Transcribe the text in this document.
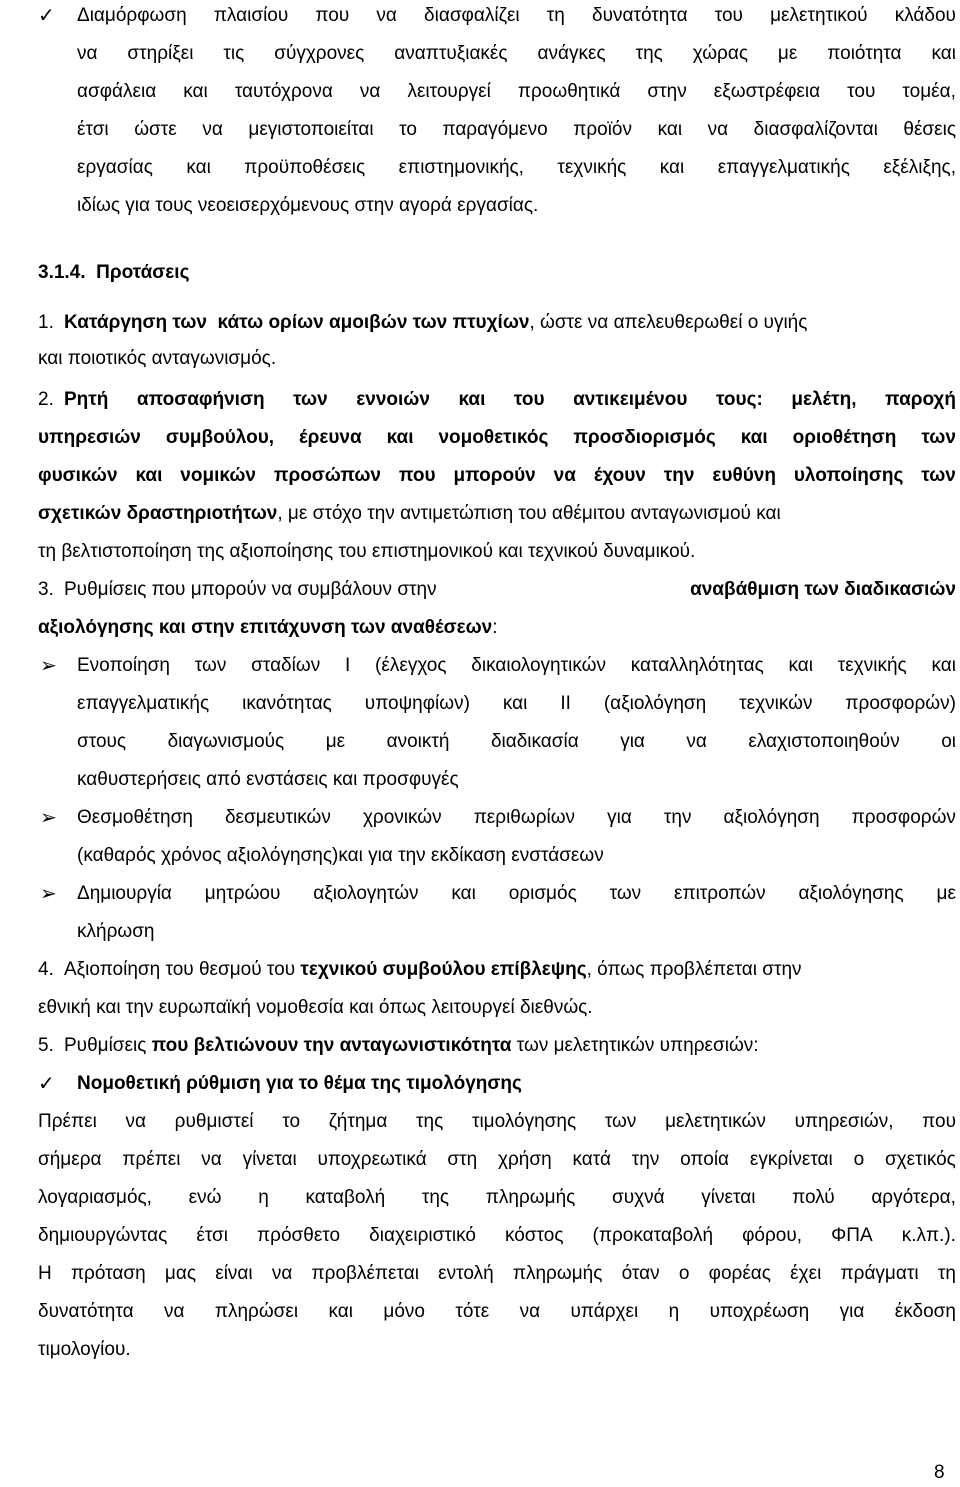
✓ Διαμόρφωση πλαισίου που να διασφαλίζει τη δυνατότητα του μελετητικού κλάδου
να στηρίξει τις σύγχρονες αναπτυξιακές ανάγκες της χώρας με ποιότητα και
ασφάλεια και ταυτόχρονα να λειτουργεί προωθητικά στην εξωστρέφεια του τομέα,
έτσι ώστε να μεγιστοποιείται το παραγόμενο προϊόν και να διασφαλίζονται θέσεις
εργασίας και προϋποθέσεις επιστημονικής, τεχνικής και επαγγελματικής εξέλιξης,
ιδίως για τους νεοεισερχόμενους στην αγορά εργασίας.
3.1.4. Προτάσεις
1. Κατάργηση των  κάτω ορίων αμοιβών των πτυχίων, ώστε να απελευθερωθεί ο υγιής
και ποιοτικός ανταγωνισμός.
2. Ρητή αποσαφήνιση των εννοιών και του αντικειμένου τους: μελέτη, παροχή
υπηρεσιών συμβούλου, έρευνα και νομοθετικός προσδιορισμός και οριοθέτηση των
φυσικών και νομικών προσώπων που μπορούν να έχουν την ευθύνη υλοποίησης των
σχετικών δραστηριοτήτων, με στόχο την αντιμετώπιση του αθέμιτου ανταγωνισμού και
τη βελτιστοποίηση της αξιοποίησης του επιστημονικού και τεχνικού δυναμικού.
3. Ρυθμίσεις που μπορούν να συμβάλουν στην	αναβάθμιση των διαδικασιών
αξιολόγησης και στην επιτάχυνση των αναθέσεων:
➢ Ενοποίηση των σταδίων Ι (έλεγχος δικαιολογητικών καταλληλότητας και τεχνικής και
επαγγελματικής ικανότητας υποψηφίων) και ΙΙ (αξιολόγηση τεχνικών προσφορών)
στους διαγωνισμούς με ανοικτή διαδικασία για να ελαχιστοποιηθούν οι
καθυστερήσεις από ενστάσεις και προσφυγές
➢ Θεσμοθέτηση δεσμευτικών χρονικών περιθωρίων για την αξιολόγηση προσφορών
(καθαρός χρόνος αξιολόγησης)και για την εκδίκαση ενστάσεων
➢ Δημιουργία μητρώου αξιολογητών και ορισμός των επιτροπών αξιολόγησης με
κλήρωση
4. Αξιοποίηση του θεσμού του τεχνικού συμβούλου επίβλεψης, όπως προβλέπεται στην
εθνική και την ευρωπαϊκή νομοθεσία και όπως λειτουργεί διεθνώς.
5. Ρυθμίσεις που βελτιώνουν την ανταγωνιστικότητα των μελετητικών υπηρεσιών:
✓ Νομοθετική ρύθμιση για το θέμα της τιμολόγησης
Πρέπει να ρυθμιστεί το ζήτημα της τιμολόγησης των μελετητικών υπηρεσιών, που
σήμερα πρέπει να γίνεται υποχρεωτικά στη χρήση κατά την οποία εγκρίνεται ο σχετικός
λογαριασμός, ενώ η καταβολή της πληρωμής συχνά γίνεται πολύ αργότερα,
δημιουργώντας έτσι πρόσθετο διαχειριστικό κόστος (προκαταβολή φόρου, ΦΠΑ κ.λπ.).
Η πρόταση μας είναι να προβλέπεται εντολή πληρωμής όταν ο φορέας έχει πράγματι τη
δυνατότητα να πληρώσει και μόνο τότε να υπάρχει η υποχρέωση για έκδοση
τιμολογίου.
8
